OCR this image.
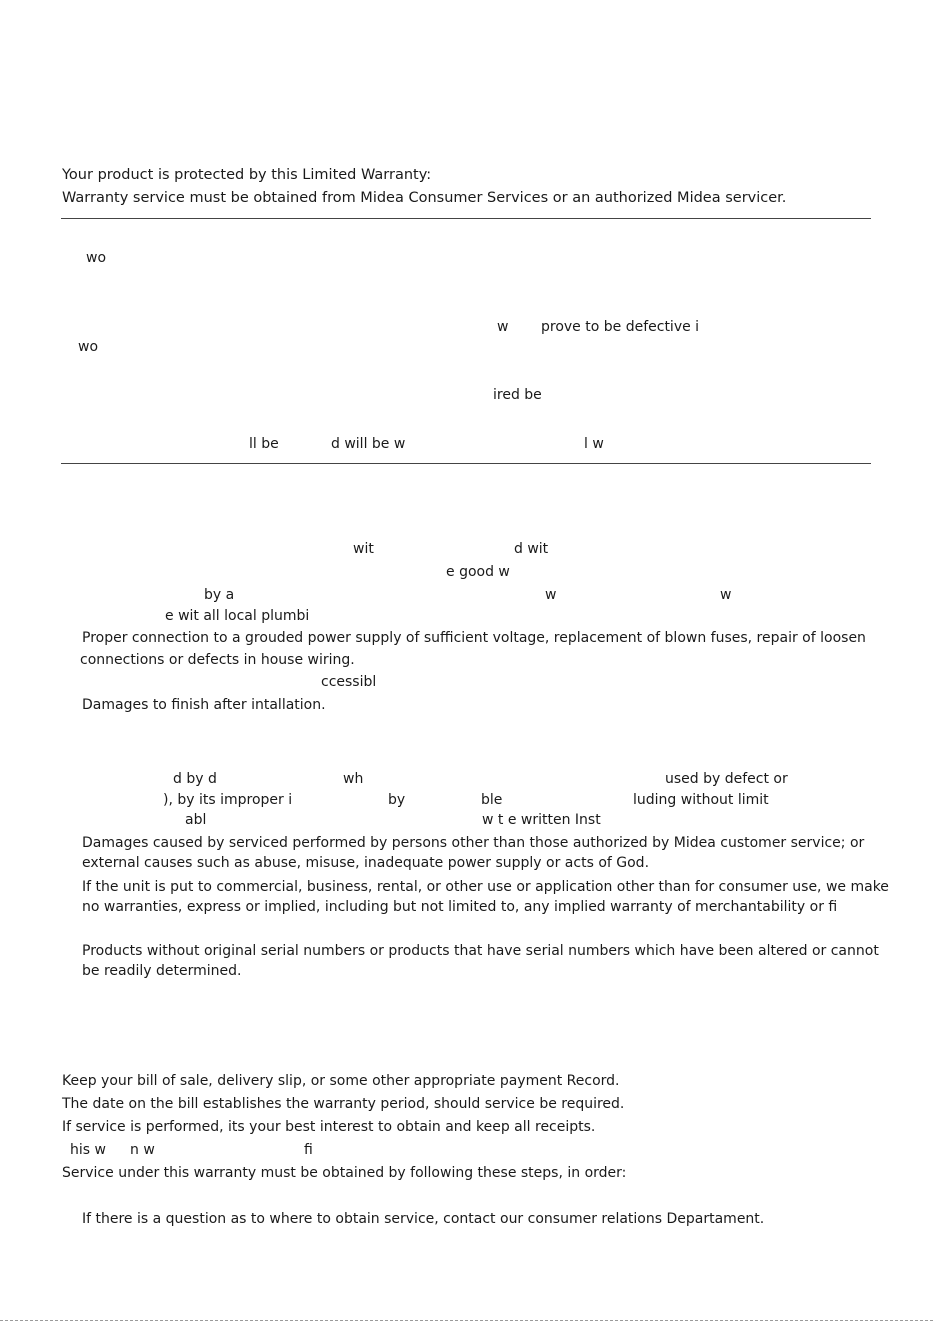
Your product is protected by this Limited Warranty:

Warranty service must be obtained from Midea Consumer Services or an authorized Midea servicer.

wo
w prove to be defective i
wo
ired be
ll be	d will be w	l w
wit	d wit
e good w
by a	w	w
e wit all local plumbi

Proper connection to a grouded power supply of sufficient voltage, replacement of blown fuses, repair of loosen

connections or defects in house wiring.

ccessibl

Damages to finish after intallation.

d by d	wh	used by defect or
), by its improper i	by	ble	luding without limit
abl	w t e written Inst

Damages caused by serviced performed by persons other than those authorized by Midea customer service; or

external causes such as abuse, misuse, inadequate power supply or acts of God.

If the unit is put to commercial, business, rental, or other use or application other than for consumer use, we make

no warranties, express or implied, including but not limited to, any implied warranty of merchantability or fi

Products without original serial numbers or products that have serial numbers which have been altered or cannot

be readily determined.

Keep your bill of sale, delivery slip, or some other appropriate payment Record.

The date on the bill establishes the warranty period, should service be required.

If service is performed, its your best interest to obtain and keep all receipts.

his w n w	fi

Service under this warranty must be obtained by following these steps, in order:

If there is a question as to where to obtain service, contact our consumer relations Departament.
